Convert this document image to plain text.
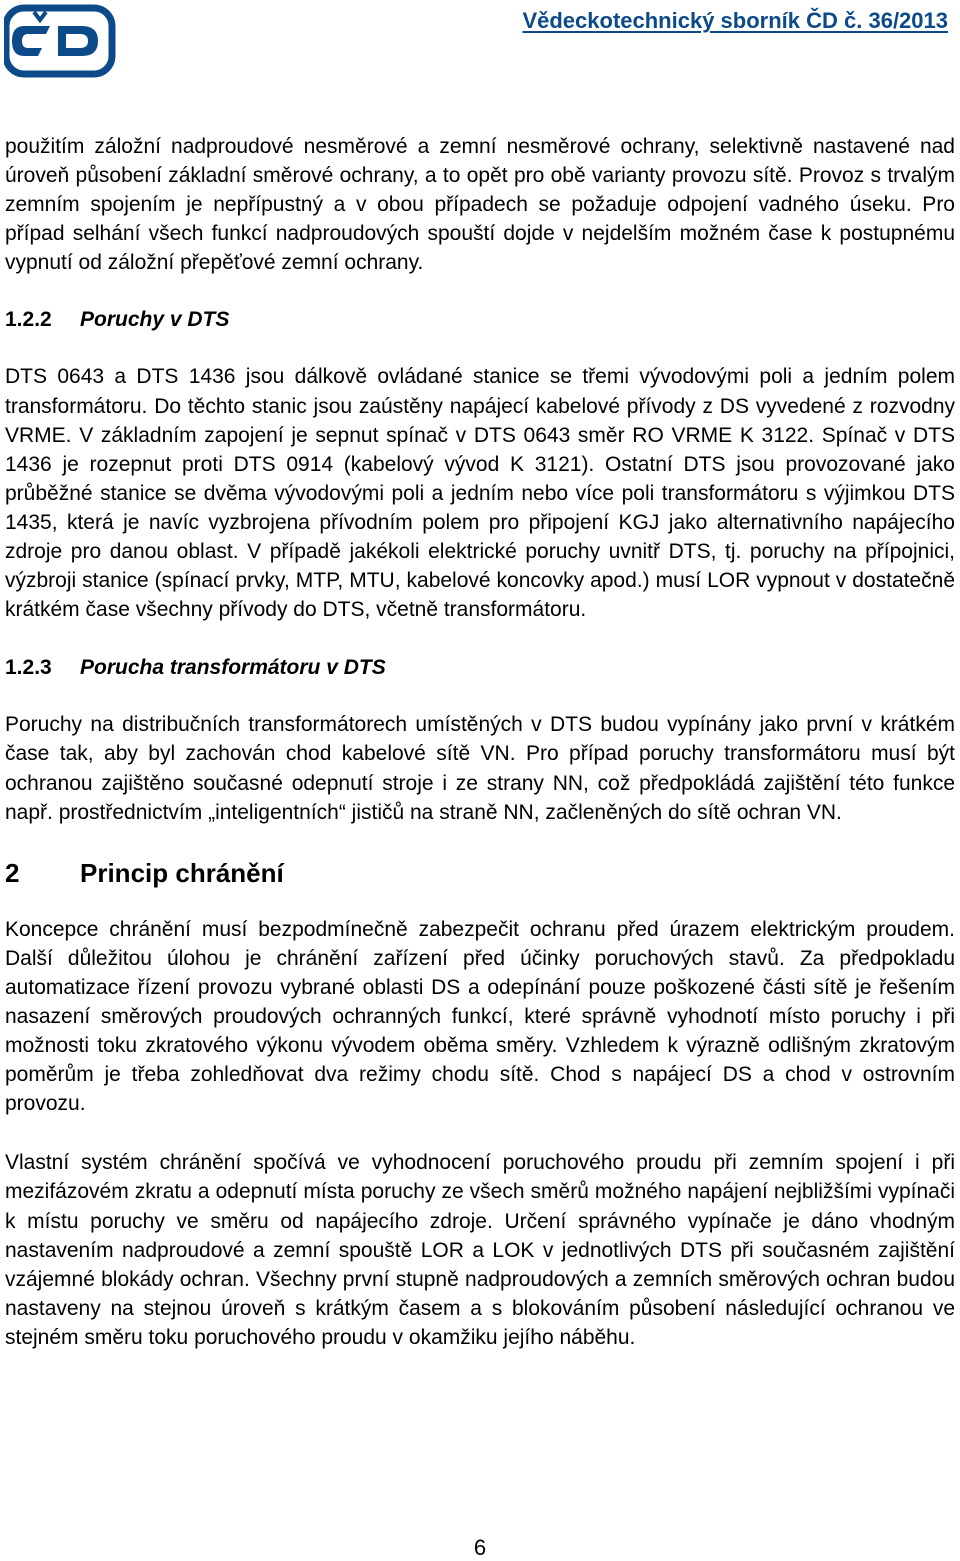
Vědeckotechnický sborník ČD č. 36/2013

použitím záložní nadproudové nesměrové a zemní nesměrové ochrany, selektivně nastavené nad úroveň působení základní směrové ochrany, a to opět pro obě varianty provozu sítě. Provoz s trvalým zemním spojením je nepřípustný a v obou případech se požaduje odpojení vadného úseku. Pro případ selhání všech funkcí nadproudových spouští dojde v nejdelším možném čase k postupnému vypnutí od záložní přepěťové zemní ochrany.

1.2.2 Poruchy v DTS

DTS 0643 a DTS 1436 jsou dálkově ovládané stanice se třemi vývodovými poli a jedním polem transformátoru. Do těchto stanic jsou zaústěny napájecí kabelové přívody z DS vyvedené z rozvodny VRME. V základním zapojení je sepnut spínač v DTS 0643 směr RO VRME K 3122. Spínač v DTS 1436 je rozepnut proti DTS 0914 (kabelový vývod K 3121). Ostatní DTS jsou provozované jako průběžné stanice se dvěma vývodovými poli a jedním nebo více poli transformátoru s výjimkou DTS 1435, která je navíc vyzbrojena přívodním polem pro připojení KGJ jako alternativního napájecího zdroje pro danou oblast. V případě jakékoli elektrické poruchy uvnitř DTS, tj. poruchy na přípojnici, výzbroji stanice (spínací prvky, MTP, MTU, kabelové koncovky apod.) musí LOR vypnout v dostatečně krátkém čase všechny přívody do DTS, včetně transformátoru.

1.2.3 Porucha transformátoru v DTS

Poruchy na distribučních transformátorech umístěných v DTS budou vypínány jako první v krátkém čase tak, aby byl zachován chod kabelové sítě VN. Pro případ poruchy transformátoru musí být ochranou zajištěno současné odepnutí stroje i ze strany NN, což předpokládá zajištění této funkce např. prostřednictvím „inteligentních“ jističů na straně NN, začleněných do sítě ochran VN.

2 Princip chránění

Koncepce chránění musí bezpodmínečně zabezpečit ochranu před úrazem elektrickým proudem. Další důležitou úlohou je chránění zařízení před účinky poruchových stavů. Za předpokladu automatizace řízení provozu vybrané oblasti DS a odepínání pouze poškozené části sítě je řešením nasazení směrových proudových ochranných funkcí, které správně vyhodnotí místo poruchy i při možnosti toku zkratového výkonu vývodem oběma směry. Vzhledem k výrazně odlišným zkratovým poměrům je třeba zohledňovat dva režimy chodu sítě. Chod s napájecí DS a chod v ostrovním provozu.

Vlastní systém chránění spočívá ve vyhodnocení poruchového proudu při zemním spojení i při mezifázovém zkratu a odepnutí místa poruchy ze všech směrů možného napájení nejbližšími vypínači k místu poruchy ve směru od napájecího zdroje. Určení správného vypínače je dáno vhodným nastavením nadproudové a zemní spouště LOR a LOK v jednotlivých DTS při současném zajištění vzájemné blokády ochran. Všechny první stupně nadproudových a zemních směrových ochran budou nastaveny na stejnou úroveň s krátkým časem a s blokováním působení následující ochranou ve stejném směru toku poruchového proudu v okamžiku jejího náběhu.

6
